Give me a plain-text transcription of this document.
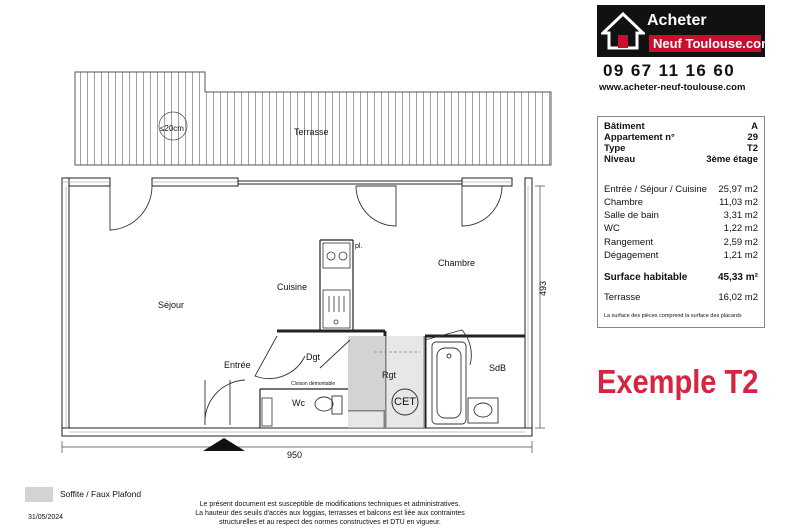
Terrasse
≤20cm
Séjour
Cuisine
Chambre
Entrée
Dgt
Rgt
CET
Wc
SdB
pl.
Cloison démontable
950
493
Acheter
Neuf Toulouse.com
09 67 11 16 60
www.acheter-neuf-toulouse.com
Bâtiment	A
Appartement n°	29
Type	T2
Niveau	3ème étage
Entrée / Séjour / Cuisine 25,97 m2
Chambre	11,03 m2
Salle de bain	3,31 m2
WC	1,22 m2
Rangement	2,59 m2
Dégagement	1,21 m2
Surface habitable	45,33 m²
Terrasse	16,02 m2
La surface des pièces comprend la surface des placards
Exemple T2
Soffite / Faux Plafond
Le présent document est susceptible de modifications techniques et administratives.
La hauteur des seuils d'accès aux loggias, terrasses et balcons est liée aux contraintes
structurelles et au respect des normes constructives et DTU en vigueur.
31/05/2024
